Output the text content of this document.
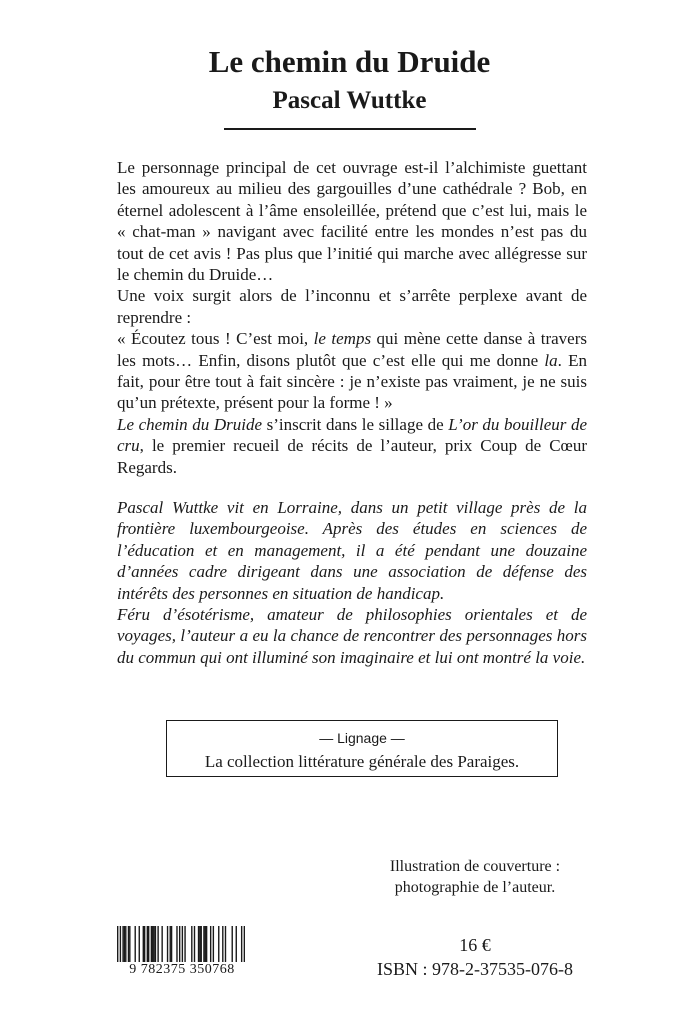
Le chemin du Druide
Pascal Wuttke

Le personnage principal de cet ouvrage est-il l’alchimiste guettant les amoureux au milieu des gargouilles d’une cathédrale ? Bob, en éternel adolescent à l’âme ensoleillée, prétend que c’est lui, mais le « chat-man » navigant avec facilité entre les mondes n’est pas du tout de cet avis ! Pas plus que l’initié qui marche avec allégresse sur le chemin du Druide…

Une voix surgit alors de l’inconnu et s’arrête perplexe avant de reprendre :

« Écoutez tous ! C’est moi, le temps qui mène cette danse à travers les mots… Enfin, disons plutôt que c’est elle qui me donne la. En fait, pour être tout à fait sincère : je n’existe pas vraiment, je ne suis qu’un prétexte, présent pour la forme ! »

Le chemin du Druide s’inscrit dans le sillage de L’or du bouilleur de cru, le premier recueil de récits de l’auteur, prix Coup de Cœur Regards.

Pascal Wuttke vit en Lorraine, dans un petit village près de la frontière luxembourgeoise. Après des études en sciences de l’éducation et en management, il a été pendant une douzaine d’années cadre dirigeant dans une association de défense des intérêts des personnes en situation de handicap.

Féru d’ésotérisme, amateur de philosophies orientales et de voyages, l’auteur a eu la chance de rencontrer des personnages hors du commun qui ont illuminé son imaginaire et lui ont montré la voie.

— Lignage —
La collection littérature générale des Paraiges.
Illustration de couverture :
photographie de l’auteur.
9 782375 350768
16 €
ISBN : 978-2-37535-076-8
